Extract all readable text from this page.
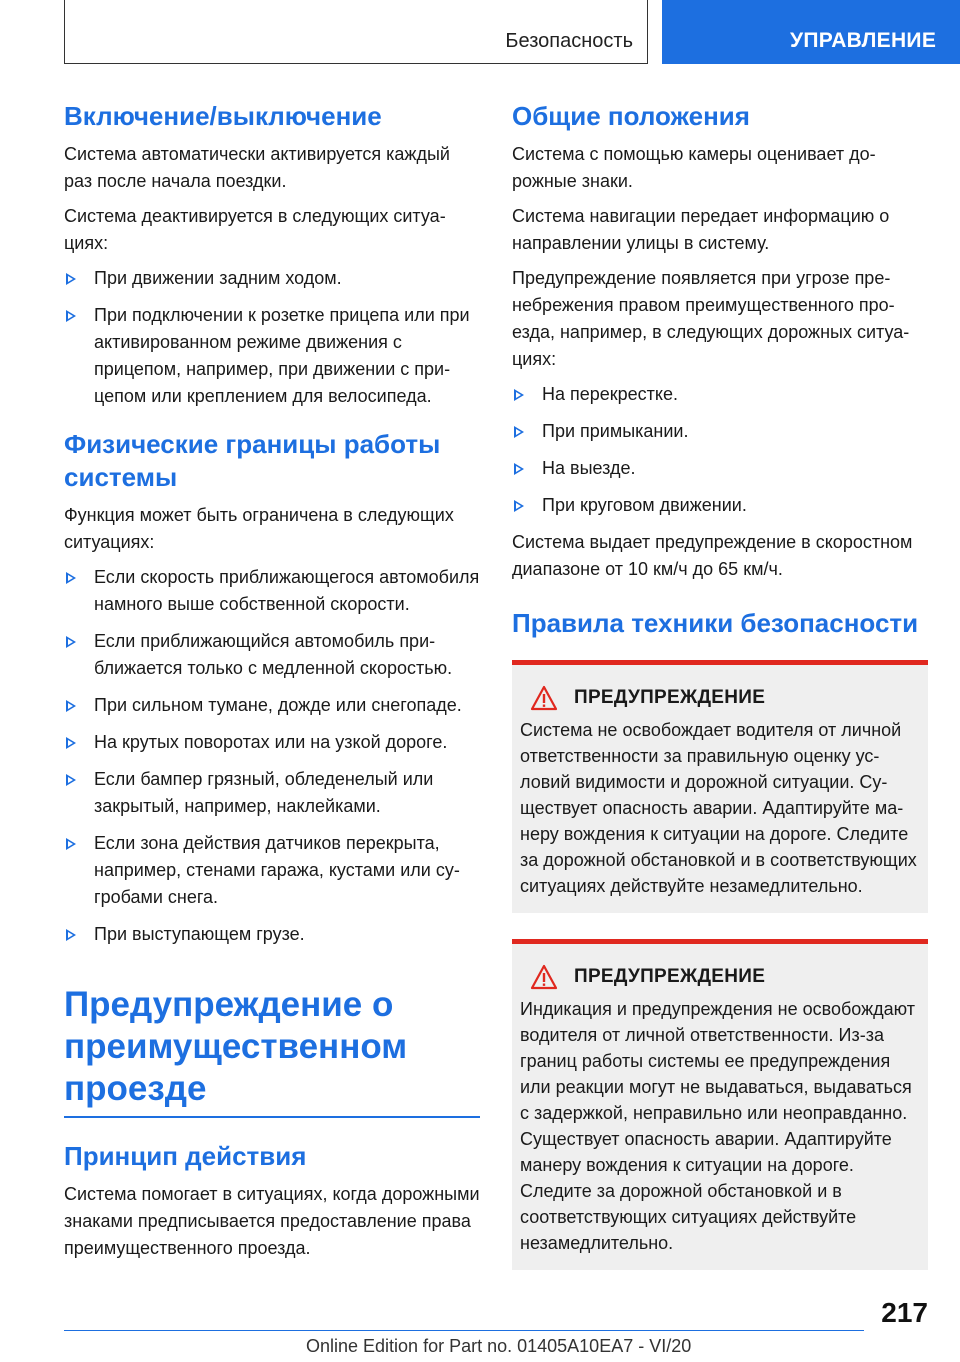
Безопасность	УПРАВЛЕНИЕ
Включение/выключение

Система автоматически активируется каждый раз после начала поездки.

Система деактивируется в следующих ситуациях:

При движении задним ходом.
При подключении к розетке прицепа или при активированном режиме движения с прицепом, например, при движении с прицепом или креплением для велосипеда.
Физические границы работы системы

Функция может быть ограничена в следующих ситуациях:

Если скорость приближающегося автомобиля намного выше собственной скорости.
Если приближающийся автомобиль приближается только с медленной скоростью.
При сильном тумане, дожде или снегопаде.
На крутых поворотах или на узкой дороге.
Если бампер грязный, обледенелый или закрытый, например, наклейками.
Если зона действия датчиков перекрыта, например, стенами гаража, кустами или сугробами снега.
При выступающем грузе.
Предупреждение о преимущественном проезде
Принцип действия

Система помогает в ситуациях, когда дорожными знаками предписывается предоставление права преимущественного проезда.

Общие положения

Система с помощью камеры оценивает дорожные знаки.

Система навигации передает информацию о направлении улицы в систему.

Предупреждение появляется при угрозе пренебрежения правом преимущественного проезда, например, в следующих дорожных ситуациях:

На перекрестке.
При примыкании.
На выезде.
При круговом движении.

Система выдает предупреждение в скоростном диапазоне от 10 км/ч до 65 км/ч.

Правила техники безопасности
ПРЕДУПРЕЖДЕНИЕ

Система не освобождает водителя от личной ответственности за правильную оценку условий видимости и дорожной ситуации. Существует опасность аварии. Адаптируйте манеру вождения к ситуации на дороге. Следите за дорожной обстановкой и в соответствующих ситуациях действуйте незамедлительно.

ПРЕДУПРЕЖДЕНИЕ

Индикация и предупреждения не освобождают водителя от личной ответственности. Из-за границ работы системы ее предупреждения или реакции могут не выдаваться, выдаваться с задержкой, неправильно или неоправданно. Существует опасность аварии. Адаптируйте манеру вождения к ситуации на дороге. Следите за дорожной обстановкой и в соответствующих ситуациях действуйте незамедлительно.

217
Online Edition for Part no. 01405A10EA7 - VI/20
